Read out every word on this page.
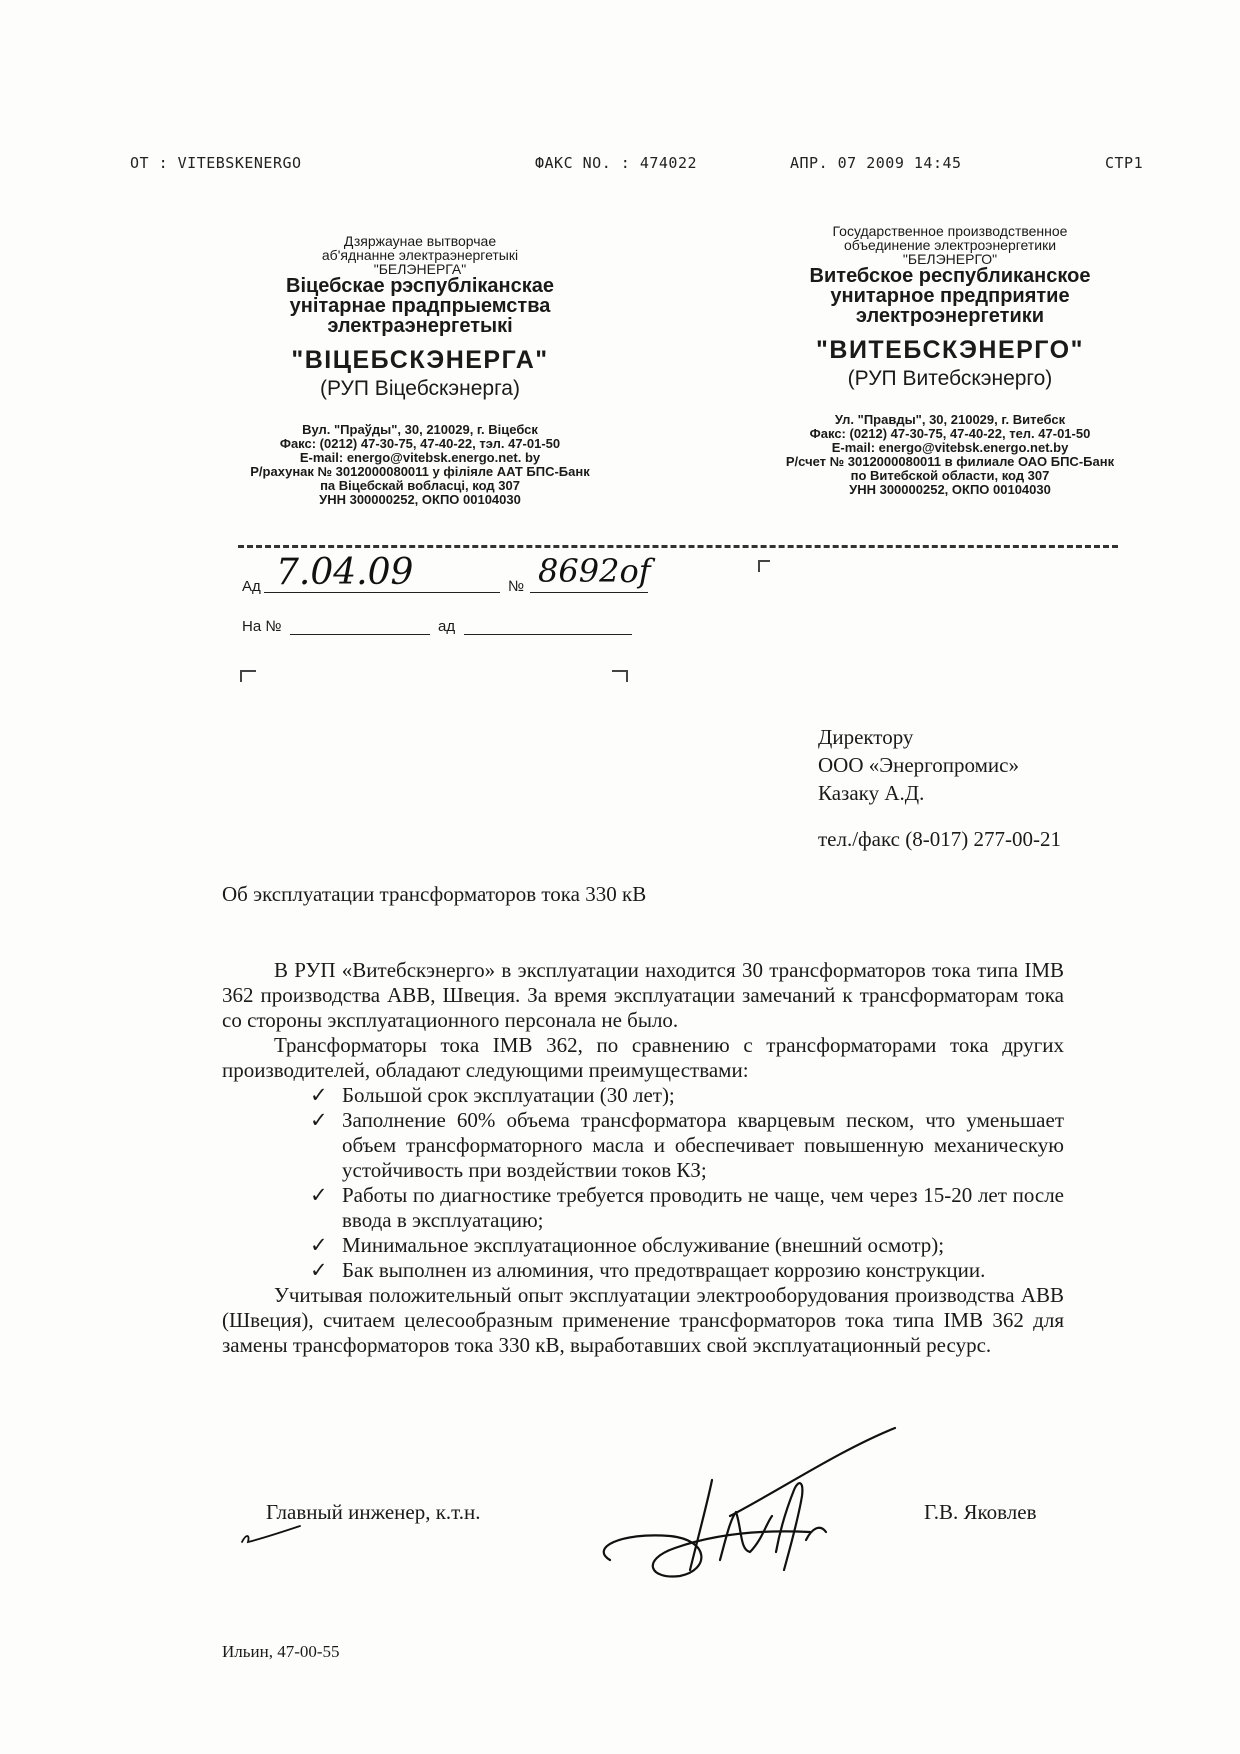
OT : VITEBSKENERGO	ФАКС NO. : 474022	АПР. 07 2009 14:45	СТР1
Дзяржаунае вытворчае
аб'яднанне электраэнергетыкі
"БЕЛЭНЕРГА"
Віцебскае рэспубліканскае
унітарнае прадпрыемства
электраэнергетыкі
"ВІЦЕБСКЭНЕРГА"
(РУП Віцебскэнерга)
Вул. "Праўды", 30, 210029, г. Віцебск
Факс: (0212) 47-30-75, 47-40-22, тэл. 47-01-50
E-mail: energo@vitebsk.energo.net. by
Р/рахунак № 3012000080011 у філіяле ААТ БПС-Банк
па Віцебскай вобласці, код 307
УНН 300000252, ОКПО 00104030
Государственное производственное
объединение электроэнергетики
"БЕЛЭНЕРГО"
Витебское республиканское
унитарное предприятие
электроэнергетики
"ВИТЕБСКЭНЕРГО"
(РУП Витебскэнерго)
Ул. "Правды", 30, 210029, г. Витебск
Факс: (0212) 47-30-75, 47-40-22, тел. 47-01-50
E-mail: energo@vitebsk.energo.net.by
Р/счет № 3012000080011 в филиале ОАО БПС-Банк
по Витебской области, код 307
УНН 300000252, ОКПО 00104030
Ад 7.04.09	№ 8692of
На №	ад
Директору
ООО «Энергопромис»
Казаку А.Д.
тел./факс (8-017) 277-00-21
Об эксплуатации трансформаторов тока 330 кВ

В РУП «Витебскэнерго» в эксплуатации находится 30 трансформаторов тока типа IMB 362 производства ABB, Швеция. За время эксплуатации замечаний к трансформаторам тока со стороны эксплуатационного персонала не было.

Трансформаторы тока IMB 362, по сравнению с трансформаторами тока других производителей, обладают следующими преимуществами:

✓ Большой срок эксплуатации (30 лет);
✓ Заполнение 60% объема трансформатора кварцевым песком, что уменьшает объем трансформаторного масла и обеспечивает повышенную механическую устойчивость при воздействии токов КЗ;
✓ Работы по диагностике требуется проводить не чаще, чем через 15-20 лет после ввода в эксплуатацию;
✓ Минимальное эксплуатационное обслуживание (внешний осмотр);
✓ Бак выполнен из алюминия, что предотвращает коррозию конструкции.

Учитывая положительный опыт эксплуатации электрооборудования производства ABB (Швеция), считаем целесообразным применение трансформаторов тока типа IMB 362 для замены трансформаторов тока 330 кВ, выработавших свой эксплуатационный ресурс.

Главный инженер, к.т.н.	Г.В. Яковлев
Ильин, 47-00-55
